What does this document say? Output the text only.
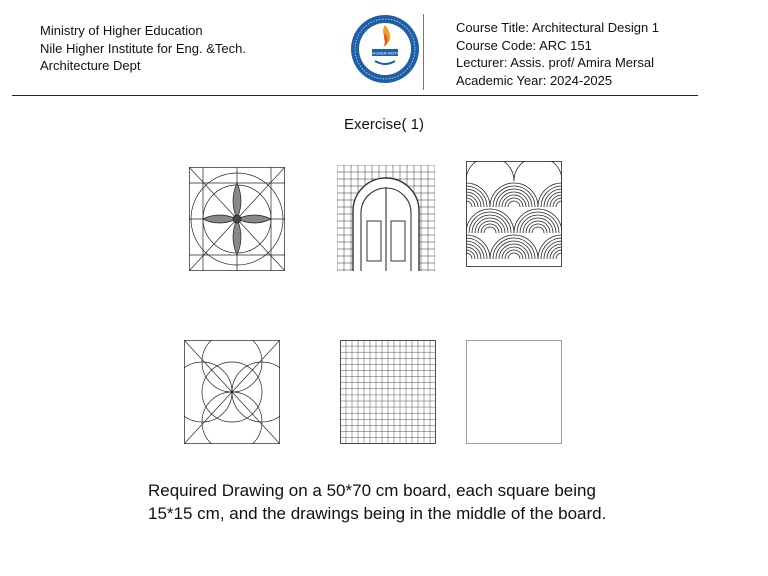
Ministry of Higher Education
Nile Higher Institute for Eng. &Tech.
Architecture Dept
NILE HIGHER INSTITUTE
Course Title: Architectural Design 1
Course Code: ARC 151
Lecturer: Assis. prof/ Amira Mersal
Academic Year: 2024-2025
Exercise( 1)
Required Drawing on a 50*70 cm board, each square being 15*15 cm, and the drawings being in the middle of the board.
